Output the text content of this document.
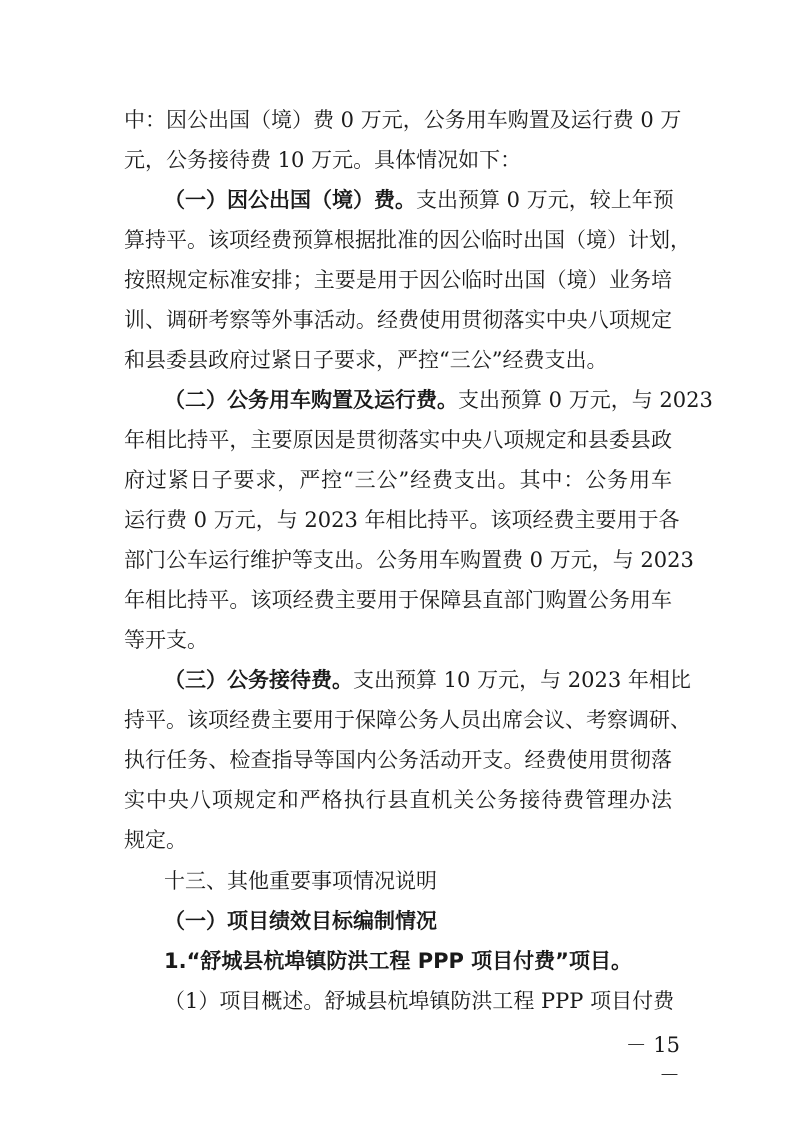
中：因公出国（境）费 0 万元，公务用车购置及运行费 0 万
元，公务接待费 10 万元。具体情况如下：
（一）因公出国（境）费。支出预算 0 万元，较上年预
算持平。该项经费预算根据批准的因公临时出国（境）计划，
按照规定标准安排；主要是用于因公临时出国（境）业务培
训、调研考察等外事活动。经费使用贯彻落实中央八项规定
和县委县政府过紧日子要求，严控“三公”经费支出。
（二）公务用车购置及运行费。支出预算 0 万元，与 2023
年相比持平，主要原因是贯彻落实中央八项规定和县委县政
府过紧日子要求，严控“三公”经费支出。其中：公务用车
运行费 0 万元，与 2023 年相比持平。该项经费主要用于各
部门公车运行维护等支出。公务用车购置费 0 万元，与 2023
年相比持平。该项经费主要用于保障县直部门购置公务用车
等开支。
（三）公务接待费。支出预算 10 万元，与 2023 年相比
持平。该项经费主要用于保障公务人员出席会议、考察调研、
执行任务、检查指导等国内公务活动开支。经费使用贯彻落
实中央八项规定和严格执行县直机关公务接待费管理办法
规定。
十三、其他重要事项情况说明
（一）项目绩效目标编制情况
1.“舒城县杭埠镇防洪工程 PPP 项目付费”项目。
（1）项目概述。舒城县杭埠镇防洪工程 PPP 项目付费
－ 15 －
